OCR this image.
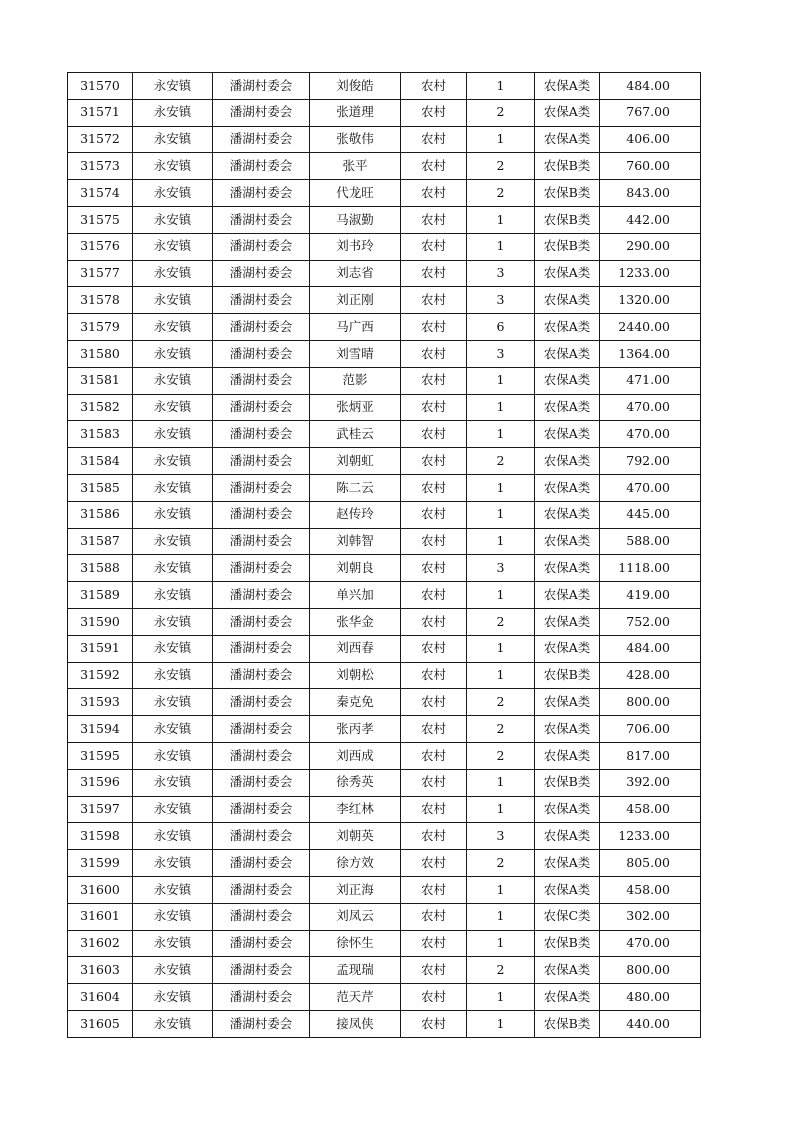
31570	永安镇	潘湖村委会	刘俊皓	农村	1	农保A类	484.00
31571	永安镇	潘湖村委会	张道理	农村	2	农保A类	767.00
31572	永安镇	潘湖村委会	张敬伟	农村	1	农保A类	406.00
31573	永安镇	潘湖村委会	张平	农村	2	农保B类	760.00
31574	永安镇	潘湖村委会	代龙旺	农村	2	农保B类	843.00
31575	永安镇	潘湖村委会	马淑勤	农村	1	农保B类	442.00
31576	永安镇	潘湖村委会	刘书玲	农村	1	农保B类	290.00
31577	永安镇	潘湖村委会	刘志省	农村	3	农保A类	1233.00
31578	永安镇	潘湖村委会	刘正刚	农村	3	农保A类	1320.00
31579	永安镇	潘湖村委会	马广西	农村	6	农保A类	2440.00
31580	永安镇	潘湖村委会	刘雪晴	农村	3	农保A类	1364.00
31581	永安镇	潘湖村委会	范影	农村	1	农保A类	471.00
31582	永安镇	潘湖村委会	张炳亚	农村	1	农保A类	470.00
31583	永安镇	潘湖村委会	武桂云	农村	1	农保A类	470.00
31584	永安镇	潘湖村委会	刘朝虹	农村	2	农保A类	792.00
31585	永安镇	潘湖村委会	陈二云	农村	1	农保A类	470.00
31586	永安镇	潘湖村委会	赵传玲	农村	1	农保A类	445.00
31587	永安镇	潘湖村委会	刘韩智	农村	1	农保A类	588.00
31588	永安镇	潘湖村委会	刘朝良	农村	3	农保A类	1118.00
31589	永安镇	潘湖村委会	单兴加	农村	1	农保A类	419.00
31590	永安镇	潘湖村委会	张华金	农村	2	农保A类	752.00
31591	永安镇	潘湖村委会	刘西春	农村	1	农保A类	484.00
31592	永安镇	潘湖村委会	刘朝松	农村	1	农保B类	428.00
31593	永安镇	潘湖村委会	秦克免	农村	2	农保A类	800.00
31594	永安镇	潘湖村委会	张丙孝	农村	2	农保A类	706.00
31595	永安镇	潘湖村委会	刘西成	农村	2	农保A类	817.00
31596	永安镇	潘湖村委会	徐秀英	农村	1	农保B类	392.00
31597	永安镇	潘湖村委会	李红林	农村	1	农保A类	458.00
31598	永安镇	潘湖村委会	刘朝英	农村	3	农保A类	1233.00
31599	永安镇	潘湖村委会	徐方效	农村	2	农保A类	805.00
31600	永安镇	潘湖村委会	刘正海	农村	1	农保A类	458.00
31601	永安镇	潘湖村委会	刘凤云	农村	1	农保C类	302.00
31602	永安镇	潘湖村委会	徐怀生	农村	1	农保B类	470.00
31603	永安镇	潘湖村委会	孟现瑞	农村	2	农保A类	800.00
31604	永安镇	潘湖村委会	范天芹	农村	1	农保A类	480.00
31605	永安镇	潘湖村委会	接凤侠	农村	1	农保B类	440.00
